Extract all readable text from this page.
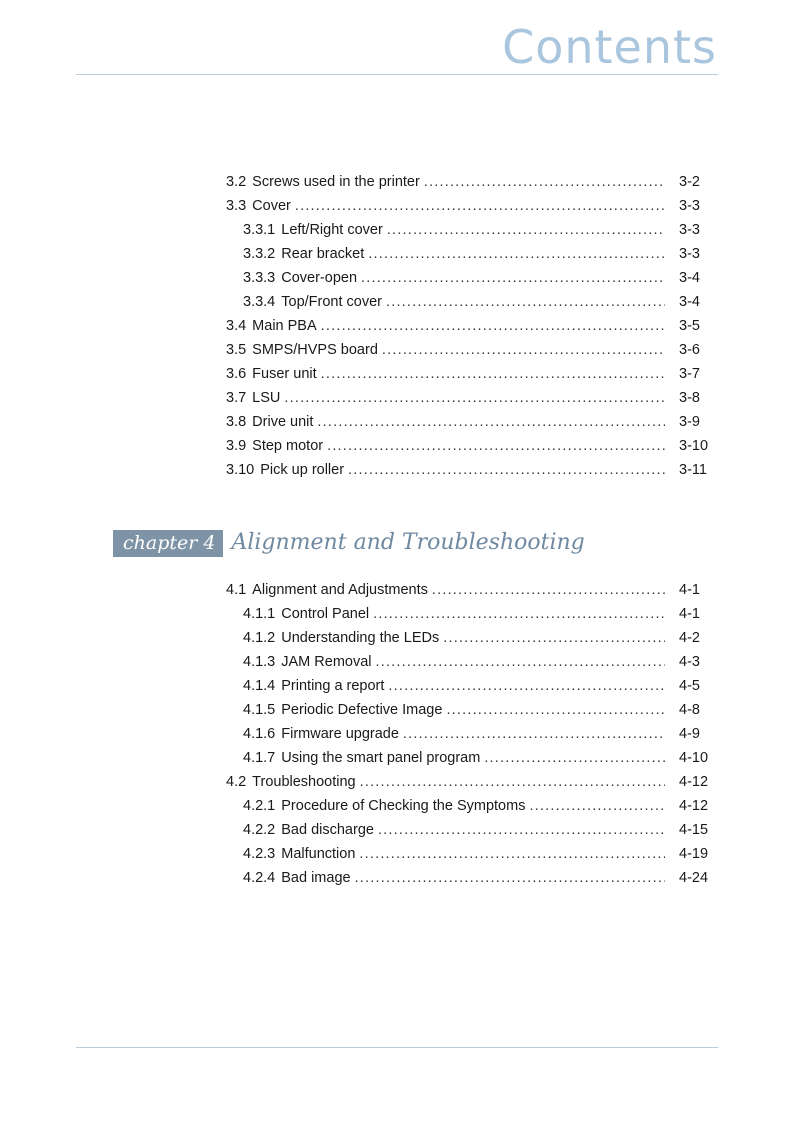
Contents
3.2 Screws used in the printer .....	3-2
3.3 Cover .....	3-3
3.3.1 Left/Right cover .....	3-3
3.3.2 Rear bracket .....	3-3
3.3.3 Cover-open .....	3-4
3.3.4 Top/Front cover .....	3-4
3.4 Main PBA .....	3-5
3.5 SMPS/HVPS board .....	3-6
3.6 Fuser unit .....	3-7
3.7 LSU .....	3-8
3.8 Drive unit .....	3-9
3.9 Step motor .....	3-10
3.10 Pick up roller .....	3-11
chapter 4 Alignment and Troubleshooting
4.1 Alignment and Adjustments .....	4-1
4.1.1 Control Panel .....	4-1
4.1.2 Understanding the LEDs .....	4-2
4.1.3 JAM Removal .....	4-3
4.1.4 Printing a report .....	4-5
4.1.5 Periodic Defective Image .....	4-8
4.1.6 Firmware upgrade .....	4-9
4.1.7 Using the smart panel program .....	4-10
4.2 Troubleshooting .....	4-12
4.2.1 Procedure of Checking the Symptoms .....	4-12
4.2.2 Bad discharge .....	4-15
4.2.3 Malfunction .....	4-19
4.2.4 Bad image .....	4-24
